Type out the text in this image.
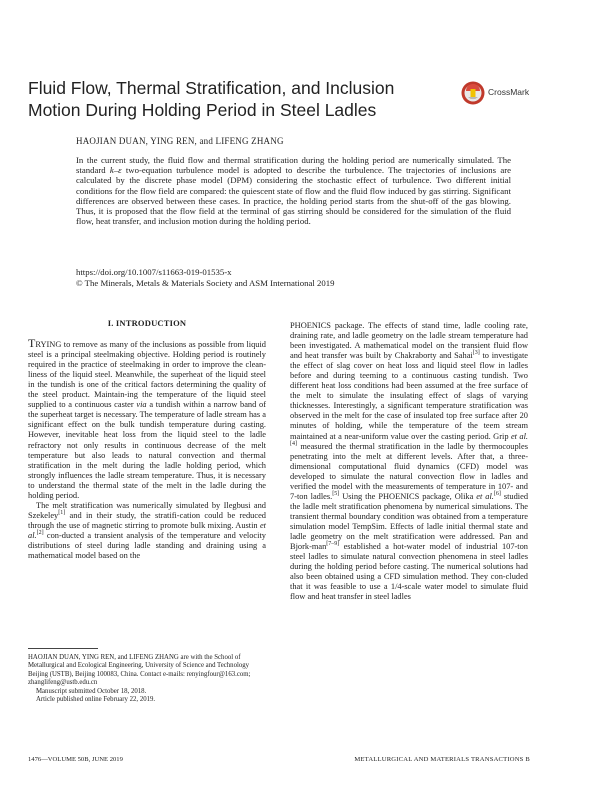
Fluid Flow, Thermal Stratification, and Inclusion
Motion During Holding Period in Steel Ladles
CrossMark
HAOJIAN DUAN, YING REN, and LIFENG ZHANG

In the current study, the fluid flow and thermal stratification during the holding period are numerically simulated. The standard k–ε two-equation turbulence model is adopted to describe the turbulence. The trajectories of inclusions are calculated by the discrete phase model (DPM) considering the stochastic effect of turbulence. Two different initial conditions for the flow field are compared: the quiescent state of flow and the fluid flow induced by gas stirring. Significant differences are observed between these cases. In practice, the holding period starts from the shut-off of the gas blowing. Thus, it is proposed that the flow field at the terminal of gas stirring should be considered for the simulation of the fluid flow, heat transfer, and inclusion motion during the holding period.

https://doi.org/10.1007/s11663-019-01535-x
© The Minerals, Metals & Materials Society and ASM International 2019

I. INTRODUCTION

TRYING to remove as many of the inclusions as possible from liquid steel is a principal steelmaking objective. Holding period is routinely required in the practice of steelmaking in order to improve the clean-liness of the liquid steel. Meanwhile, the superheat of the liquid steel in the tundish is one of the critical factors determining the quality of the steel product. Maintain-ing the temperature of the liquid steel supplied to a continuous caster via a tundish within a narrow band of the superheat target is necessary. The temperature of ladle stream has a significant effect on the bulk tundish temperature during casting. However, inevitable heat loss from the liquid steel to the ladle refractory not only results in continuous decrease of the melt temperature but also leads to natural convection and thermal stratification in the melt during the ladle holding period, which strongly influences the ladle stream temperature. Thus, it is necessary to understand the thermal state of the melt in the ladle during the holding period.

The melt stratification was numerically simulated by Ilegbusi and Szekeley[1] and in their study, the stratifi-cation could be reduced through the use of magnetic stirring to promote bulk mixing. Austin et al.[2] con-ducted a transient analysis of the temperature and velocity distributions of steel during ladle standing and draining using a mathematical model based on the

PHOENICS package. The effects of stand time, ladle cooling rate, draining rate, and ladle geometry on the ladle stream temperature had been investigated. A mathematical model on the transient fluid flow and heat transfer was built by Chakraborty and Sahai[3] to investigate the effect of slag cover on heat loss and liquid steel flow in ladles before and during teeming to a continuous casting tundish. Two different heat loss conditions had been assumed at the free surface of the melt to simulate the insulating effect of slags of varying thicknesses. Interestingly, a significant temperature stratification was observed in the melt for the case of insulated top free surface after 20 minutes of holding, while the temperature of the teem stream maintained at a near-uniform value over the casting period. Grip et al.[4] measured the thermal stratification in the ladle by thermocouples penetrating into the melt at different levels. After that, a three-dimensional computational fluid dynamics (CFD) model was developed to simulate the natural convection flow in ladles and verified the model with the measurements of temperature in 107- and 7-ton ladles.[5] Using the PHOENICS package, Olika et al.[6] studied the ladle melt stratification phenomena by numerical simulations. The transient thermal boundary condition was obtained from a temperature simulation model TempSim. Effects of ladle initial thermal state and ladle geometry on the melt stratification were addressed. Pan and Bjork-man[7–9] established a hot-water model of industrial 107-ton steel ladles to simulate natural convection phenomena in steel ladles during the holding period before casting. The numerical solutions had also been obtained using a CFD simulation method. They con-cluded that it was feasible to use a 1/4-scale water model to simulate fluid flow and heat transfer in steel ladles

HAOJIAN DUAN, YING REN, and LIFENG ZHANG are with the School of Metallurgical and Ecological Engineering, University of Science and Technology Beijing (USTB), Beijing 100083, China. Contact e-mails: renyingfour@163.com; zhanglifeng@ustb.edu.cn

Manuscript submitted October 18, 2018.

Article published online February 22, 2019.

1476—VOLUME 50B, JUNE 2019	METALLURGICAL AND MATERIALS TRANSACTIONS B
